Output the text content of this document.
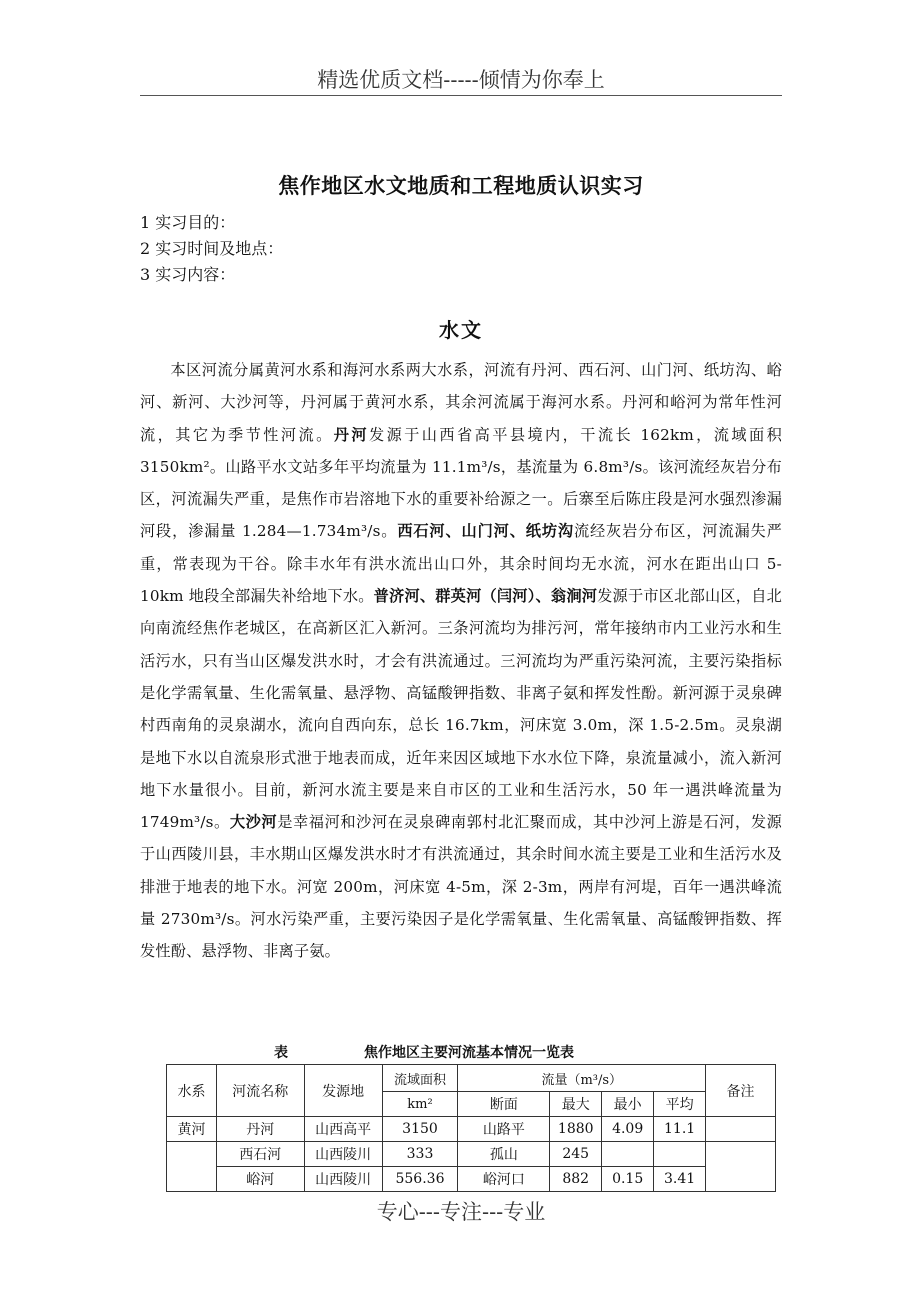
精选优质文档-----倾情为你奉上
焦作地区水文地质和工程地质认识实习
1 实习目的：
2 实习时间及地点：
3 实习内容：
水文
本区河流分属黄河水系和海河水系两大水系，河流有丹河、西石河、山门河、纸坊沟、峪河、新河、大沙河等，丹河属于黄河水系，其余河流属于海河水系。丹河和峪河为常年性河流，其它为季节性河流。丹河发源于山西省高平县境内，干流长 162km，流域面积 3150km²。山路平水文站多年平均流量为 11.1m³/s，基流量为 6.8m³/s。该河流经灰岩分布区，河流漏失严重，是焦作市岩溶地下水的重要补给源之一。后寨至后陈庄段是河水强烈渗漏河段，渗漏量 1.284—1.734m³/s。西石河、山门河、纸坊沟流经灰岩分布区，河流漏失严重，常表现为干谷。除丰水年有洪水流出山口外，其余时间均无水流，河水在距出山口 5-10km 地段全部漏失补给地下水。普济河、群英河（闫河）、翁涧河发源于市区北部山区，自北向南流经焦作老城区，在高新区汇入新河。三条河流均为排污河，常年接纳市内工业污水和生活污水，只有当山区爆发洪水时，才会有洪流通过。三河流均为严重污染河流，主要污染指标是化学需氧量、生化需氧量、悬浮物、高锰酸钾指数、非离子氨和挥发性酚。新河源于灵泉碑村西南角的灵泉湖水，流向自西向东，总长 16.7km，河床宽 3.0m，深 1.5-2.5m。灵泉湖是地下水以自流泉形式泄于地表而成，近年来因区域地下水水位下降，泉流量减小，流入新河地下水量很小。目前，新河水流主要是来自市区的工业和生活污水，50 年一遇洪峰流量为 1749m³/s。大沙河是幸福河和沙河在灵泉碑南郭村北汇聚而成，其中沙河上游是石河，发源于山西陵川县，丰水期山区爆发洪水时才有洪流通过，其余时间水流主要是工业和生活污水及排泄于地表的地下水。河宽 200m，河床宽 4-5m，深 2-3m，两岸有河堤，百年一遇洪峰流量 2730m³/s。河水污染严重，主要污染因子是化学需氧量、生化需氧量、高锰酸钾指数、挥发性酚、悬浮物、非离子氨。
表	焦作地区主要河流基本情况一览表
水系	河流名称	发源地	流域面积	流量（m³/s）				备注
			km²	断面	最大	最小	平均	
黄河	丹河	山西高平	3150	山路平	1880	4.09	11.1	
	西石河	山西陵川	333	孤山	245			
	峪河	山西陵川	556.36	峪河口	882	0.15	3.41	
专心---专注---专业
